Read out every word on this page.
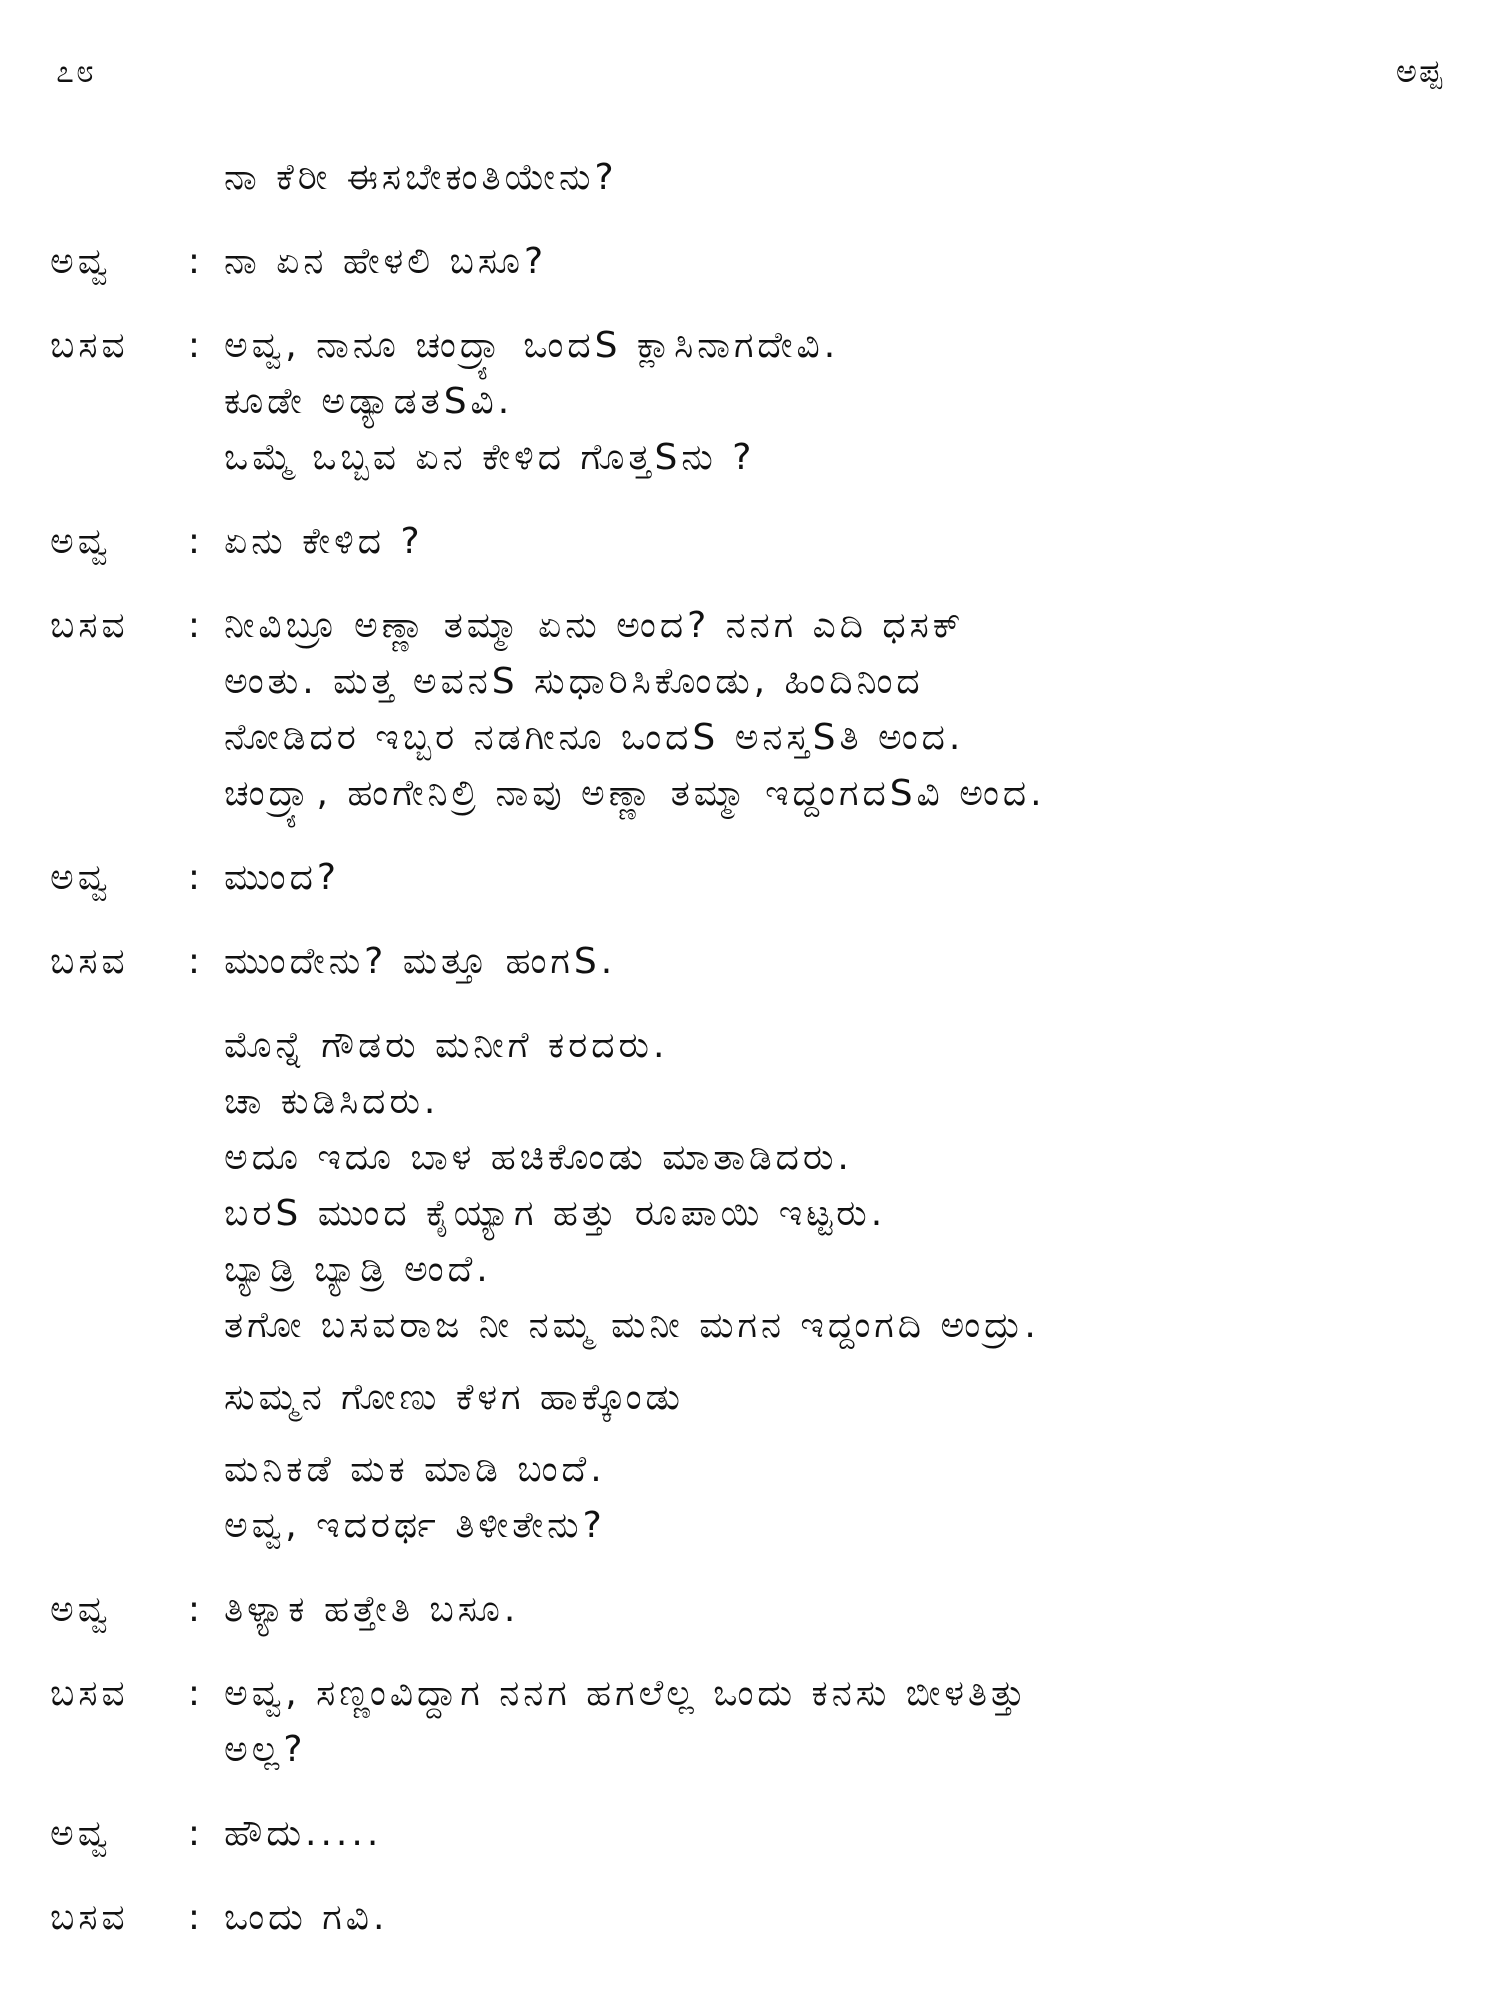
೭೮	ಅಪ್ಪ
ನಾ ಕೆರೀ ಈಸಬೇಕಂತಿಯೇನು?
ಅವ್ವ	: ನಾ ಏನ ಹೇಳಲಿ ಬಸೂ?
ಬಸವ	: ಅವ್ವ, ನಾನೂ ಚಂದ್ರ್ಯಾ ಒಂದS ಕ್ಲಾಸಿನಾಗದೇವಿ.
ಕೂಡೇ ಅಡ್ಯಾಡತSವಿ.
ಒಮ್ಮೆ ಒಬ್ಬವ ಏನ ಕೇಳಿದ ಗೊತ್ತSನು ?
ಅವ್ವ	: ಏನು ಕೇಳಿದ ?
ಬಸವ	: ನೀವಿಬ್ರೂ ಅಣ್ಣಾ ತಮ್ಮಾ ಏನು ಅಂದ? ನನಗ ಎದಿ ಧಸಕ್
ಅಂತು. ಮತ್ತ ಅವನS ಸುಧಾರಿಸಿಕೊಂಡು, ಹಿಂದಿನಿಂದ
ನೋಡಿದರ ಇಬ್ಬರ ನಡಗೀನೂ ಒಂದS ಅನಸ್ತSತಿ ಅಂದ.
ಚಂದ್ರ್ಯಾ, ಹಂಗೇನಿಲ್ರಿ ನಾವು ಅಣ್ಣಾ ತಮ್ಮಾ ಇದ್ದಂಗದSವಿ ಅಂದ.
ಅವ್ವ	: ಮುಂದ?
ಬಸವ	: ಮುಂದೇನು? ಮತ್ತೂ ಹಂಗS.
ಮೊನ್ನೆ ಗೌಡರು ಮನೀಗೆ ಕರದರು.
ಚಾ ಕುಡಿಸಿದರು.
ಅದೂ ಇದೂ ಬಾಳ ಹಚಿಕೊಂಡು ಮಾತಾಡಿದರು.
ಬರS ಮುಂದ ಕೈಯ್ಯಾಗ ಹತ್ತು ರೂಪಾಯಿ ಇಟ್ಟರು.
ಬ್ಯಾಡ್ರಿ ಬ್ಯಾಡ್ರಿ ಅಂದೆ.
ತಗೋ ಬಸವರಾಜ ನೀ ನಮ್ಮ ಮನೀ ಮಗನ ಇದ್ದಂಗದಿ ಅಂದ್ರು.
ಸುಮ್ಮನ ಗೋಣು ಕೆಳಗ ಹಾಕ್ಕೊಂಡು
ಮನಿಕಡೆ ಮಕ ಮಾಡಿ ಬಂದೆ.
ಅವ್ವ, ಇದರರ್ಥ ತಿಳೀತೇನು?
ಅವ್ವ	: ತಿಳ್ಯಾಕ ಹತ್ತೇತಿ ಬಸೂ.
ಬಸವ	: ಅವ್ವ, ಸಣ್ಣಂವಿದ್ದಾಗ ನನಗ ಹಗಲೆಲ್ಲ ಒಂದು ಕನಸು ಬೀಳತಿತ್ತು
ಅಲ್ಲ?
ಅವ್ವ	: ಹೌದು.....
ಬಸವ	: ಒಂದು ಗವಿ.
